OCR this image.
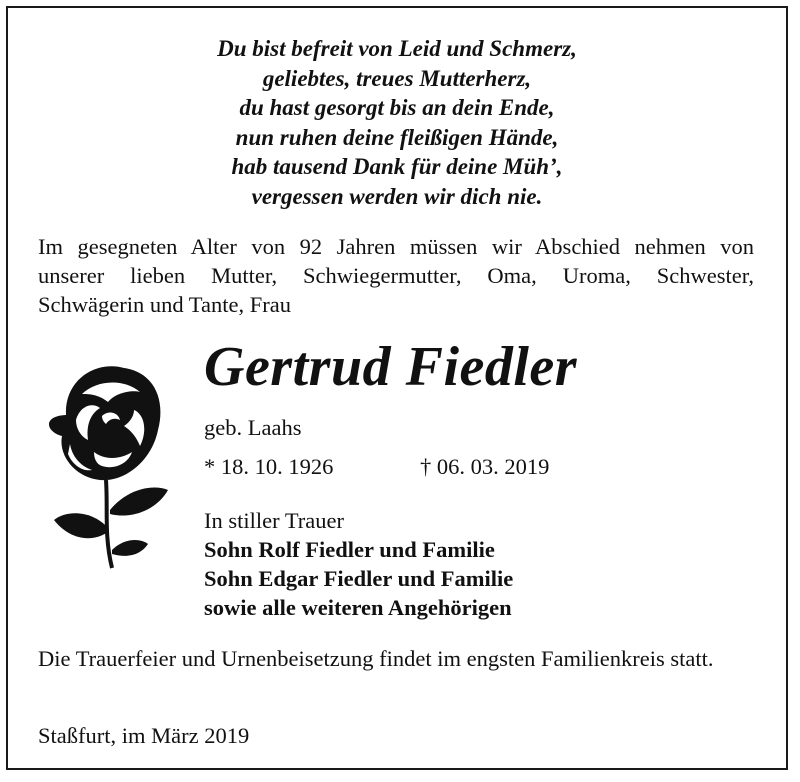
Du bist befreit von Leid und Schmerz,
geliebtes, treues Mutterherz,
du hast gesorgt bis an dein Ende,
nun ruhen deine fleißigen Hände,
hab tausend Dank für deine Müh’,
vergessen werden wir dich nie.
Im gesegneten Alter von 92 Jahren müssen wir Abschied nehmen von
unserer lieben Mutter, Schwiegermutter, Oma, Uroma, Schwester,
Schwägerin und Tante, Frau
Gertrud Fiedler
geb. Laahs
* 18. 10. 1926	† 06. 03. 2019
In stiller Trauer
Sohn Rolf Fiedler und Familie
Sohn Edgar Fiedler und Familie
sowie alle weiteren Angehörigen
Die Trauerfeier und Urnenbeisetzung findet im engsten Familienkreis statt.
Staßfurt, im März 2019
